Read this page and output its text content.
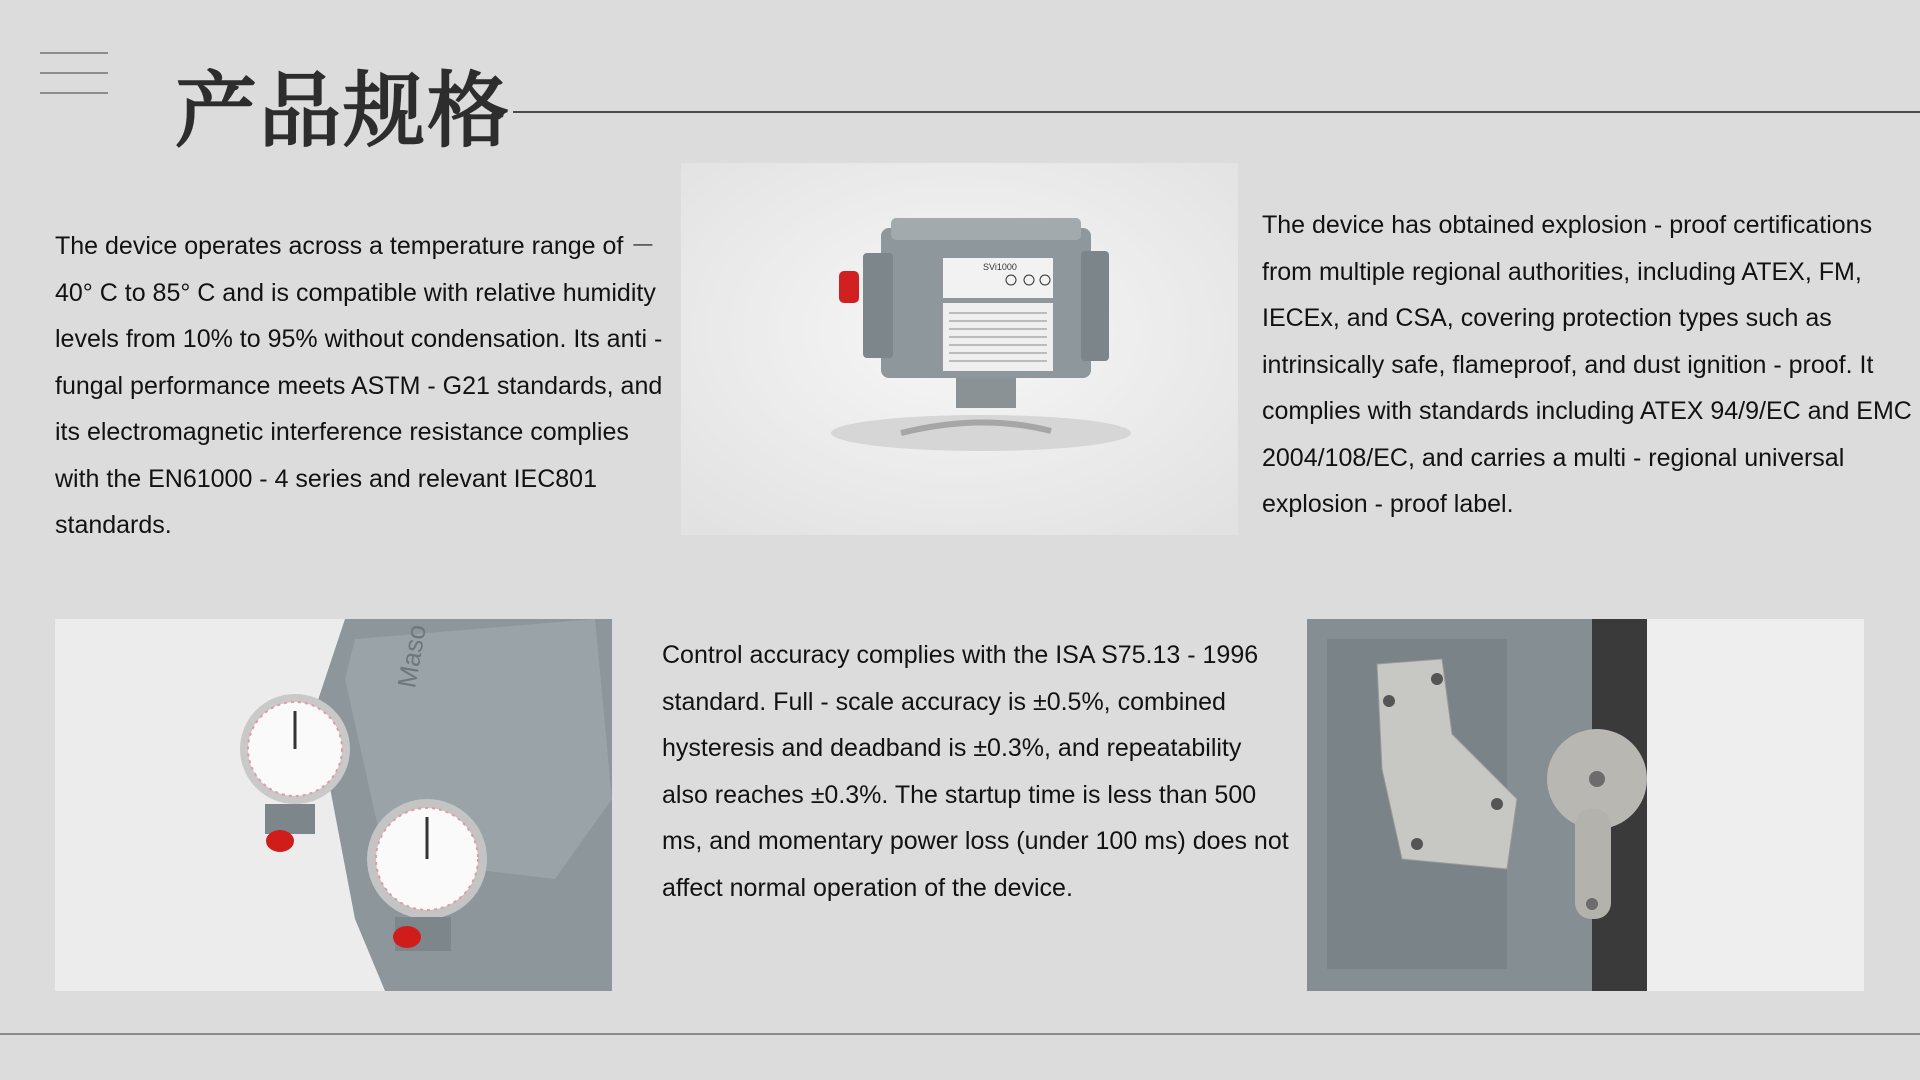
产品规格

The device operates across a temperature range of －40° C to 85° C and is compatible with relative humidity levels from 10% to 95% without condensation. Its anti - fungal performance meets ASTM - G21 standards, and its electromagnetic interference resistance complies with the EN61000 - 4 series and relevant IEC801 standards.

The device has obtained explosion - proof certifications from multiple regional authorities, including ATEX, FM, IECEx, and CSA, covering protection types such as intrinsically safe, flameproof, and dust ignition - proof. It complies with standards including ATEX 94/9/EC and EMC 2004/108/EC, and carries a multi - regional universal explosion - proof label.

Control accuracy complies with the ISA S75.13 - 1996 standard. Full - scale accuracy is ±0.5%, combined hysteresis and deadband is ±0.3%, and repeatability also reaches ±0.3%. The startup time is less than 500 ms, and momentary power loss (under 100 ms) does not affect normal operation of the device.

SVi1000
Maso
